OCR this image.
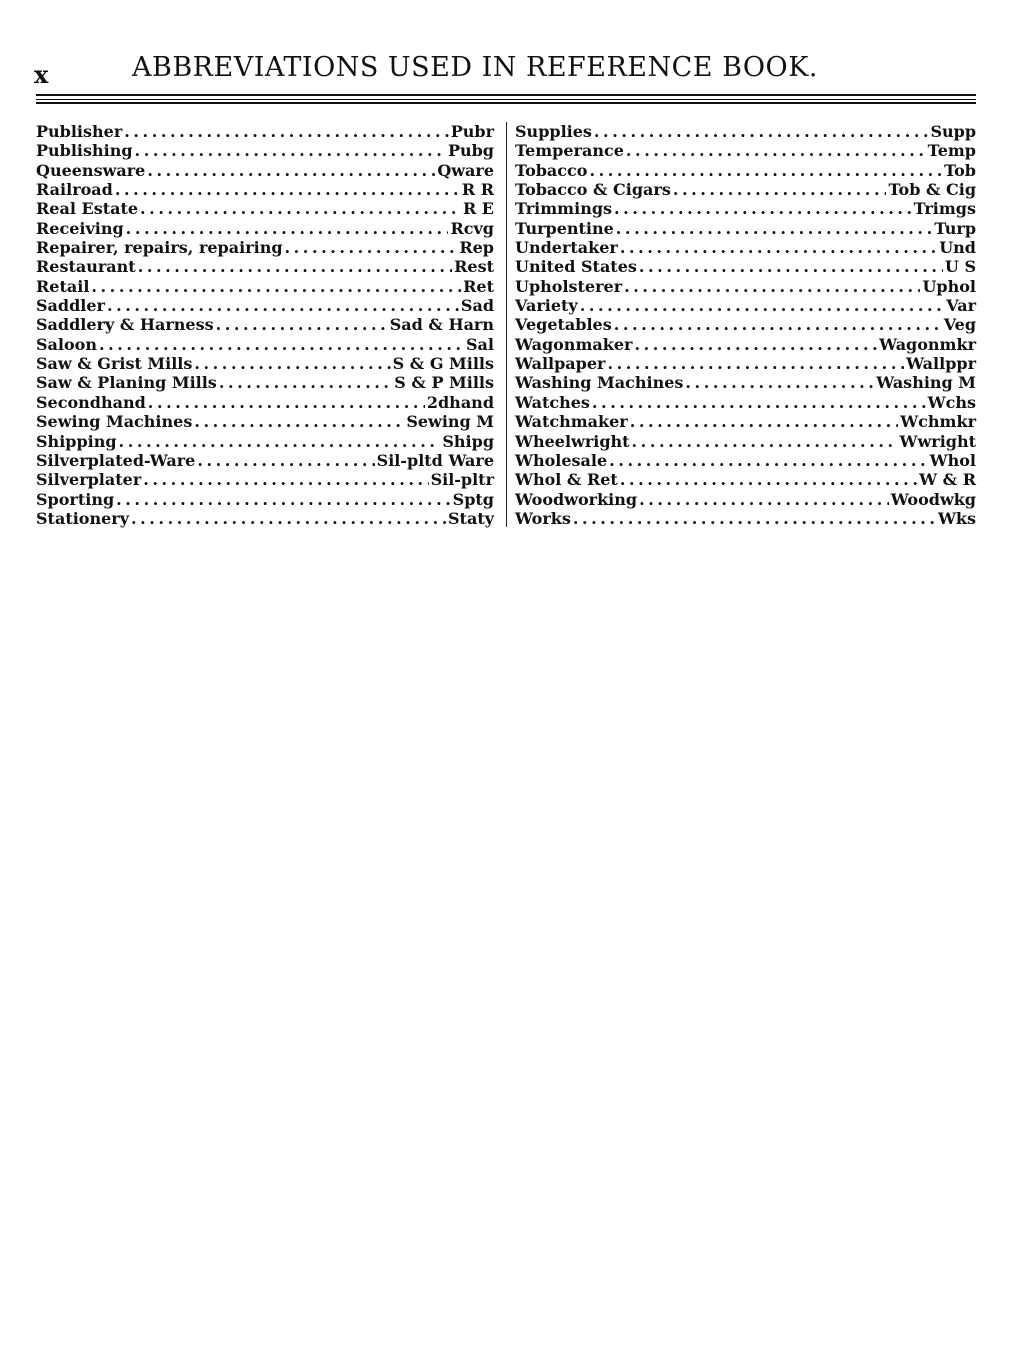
x	ABBREVIATIONS USED IN REFERENCE BOOK.
Publisher . . .	Pubr
Publishing . . .	Pubg
Queensware . . .	Qware
Railroad . . .	R R
Real Estate . . .	R E
Receiving . . .	Rcvg
Repairer, repairs, repairing . . .	Rep
Restaurant . . .	Rest
Retail . . .	Ret
Saddler . . .	Sad
Saddlery & Harness . . .	Sad & Harn
Saloon . . .	Sal
Saw & Grist Mills . . .	S & G Mills
Saw & Planing Mills . . .	S & P Mills
Secondhand . . .	2dhand
Sewing Machines . . .	Sewing M
Shipping . . .	Shipg
Silverplated-Ware . . .	Sil-pltd Ware
Silverplater . . .	Sil-pltr
Sporting . . .	Sptg
Stationery . . .	Staty
Supplies . . .	Supp
Temperance . . .	Temp
Tobacco . . .	Tob
Tobacco & Cigars . . .	Tob & Cig
Trimmings . . .	Trimgs
Turpentine . . .	Turp
Undertaker . . .	Und
United States . . .	U S
Upholsterer . . .	Uphol
Variety . . .	Var
Vegetables . . .	Veg
Wagonmaker . . .	Wagonmkr
Wallpaper . . .	Wallppr
Washing Machines . . .	Washing M
Watches . . .	Wchs
Watchmaker . . .	Wchmkr
Wheelwright . . .	Wwright
Wholesale . . .	Whol
Whol & Ret . . .	W & R
Woodworking . . .	Woodwkg
Works . . .	Wks
